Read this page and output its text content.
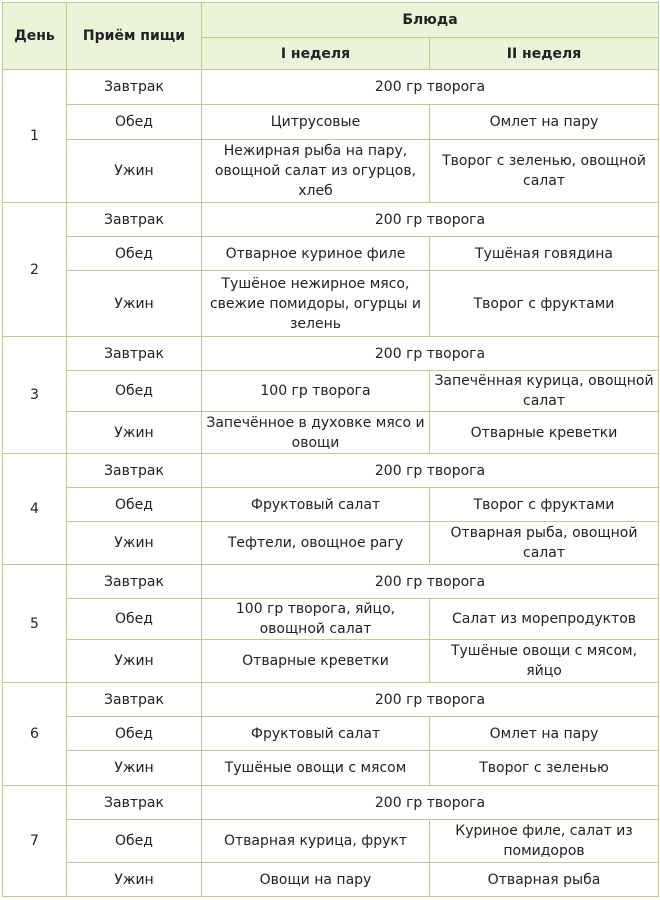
День	Приём пищи	Блюда	
		I неделя	II неделя
1	Завтрак	200 гр творога	
	Обед	Цитрусовые	Омлет на пару
	Ужин	Нежирная рыба на пару, овощной салат из огурцов, хлеб	Творог с зеленью, овощной салат
2	Завтрак	200 гр творога	
	Обед	Отварное куриное филе	Тушёная говядина
	Ужин	Тушёное нежирное мясо, свежие помидоры, огурцы и зелень	Творог с фруктами
3	Завтрак	200 гр творога	
	Обед	100 гр творога	Запечённая курица, овощной салат
	Ужин	Запечённое в духовке мясо и овощи	Отварные креветки
4	Завтрак	200 гр творога	
	Обед	Фруктовый салат	Творог с фруктами
	Ужин	Тефтели, овощное рагу	Отварная рыба, овощной салат
5	Завтрак	200 гр творога	
	Обед	100 гр творога, яйцо, овощной салат	Салат из морепродуктов
	Ужин	Отварные креветки	Тушёные овощи с мясом, яйцо
6	Завтрак	200 гр творога	
	Обед	Фруктовый салат	Омлет на пару
	Ужин	Тушёные овощи с мясом	Творог с зеленью
7	Завтрак	200 гр творога	
	Обед	Отварная курица, фрукт	Куриное филе, салат из помидоров
	Ужин	Овощи на пару	Отварная рыба
